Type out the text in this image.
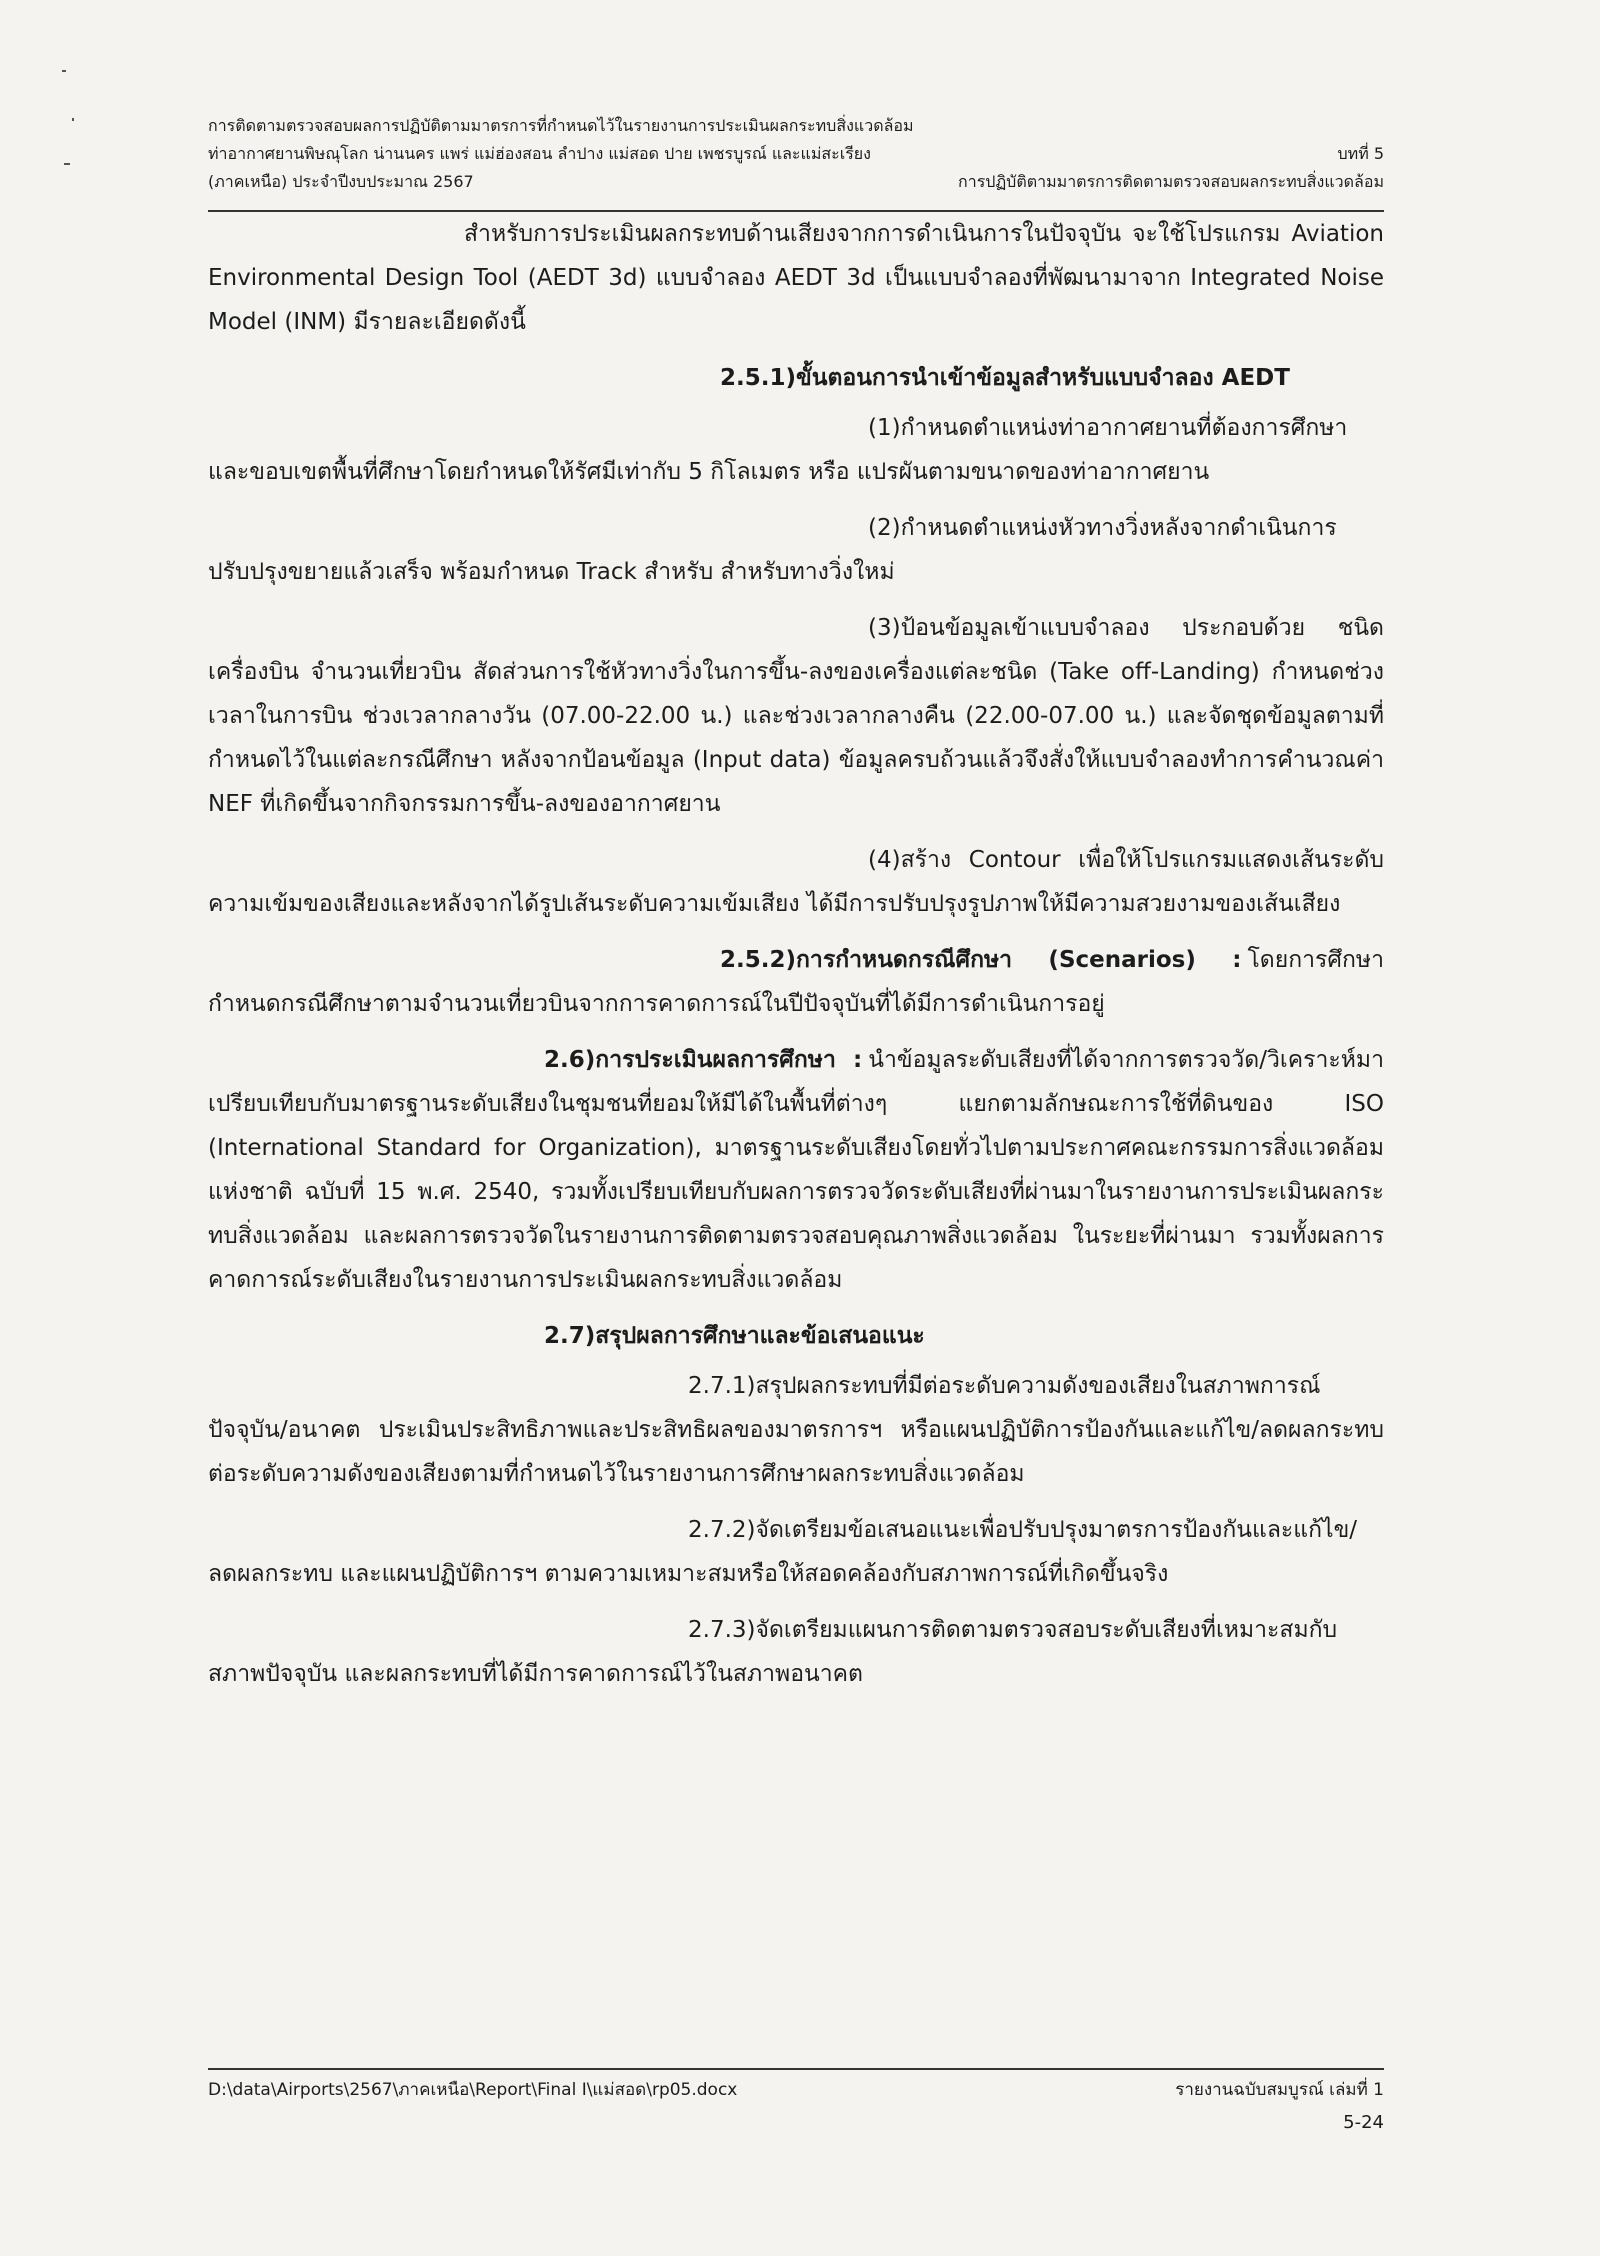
การติดตามตรวจสอบผลการปฏิบัติตามมาตรการที่กำหนดไว้ในรายงานการประเมินผลกระทบสิ่งแวดล้อม
ท่าอากาศยานพิษณุโลก น่านนคร แพร่ แม่ฮ่องสอน ลำปาง แม่สอด ปาย เพชรบูรณ์ และแม่สะเรียง	บทที่ 5
(ภาคเหนือ) ประจำปีงบประมาณ 2567	การปฏิบัติตามมาตรการติดตามตรวจสอบผลกระทบสิ่งแวดล้อม

สำหรับการประเมินผลกระทบด้านเสียงจากการดำเนินการในปัจจุบัน จะใช้โปรแกรม Aviation Environmental Design Tool (AEDT 3d) แบบจำลอง AEDT 3d เป็นแบบจำลองที่พัฒนามาจาก Integrated Noise Model (INM) มีรายละเอียดดังนี้

2.5.1)ขั้นตอนการนำเข้าข้อมูลสำหรับแบบจำลอง AEDT

(1)กำหนดตำแหน่งท่าอากาศยานที่ต้องการศึกษา และขอบเขตพื้นที่ศึกษาโดยกำหนดให้รัศมีเท่ากับ 5 กิโลเมตร หรือ แปรผันตามขนาดของท่าอากาศยาน

(2)กำหนดตำแหน่งหัวทางวิ่งหลังจากดำเนินการปรับปรุงขยายแล้วเสร็จ พร้อมกำหนด Track สำหรับ สำหรับทางวิ่งใหม่

(3)ป้อนข้อมูลเข้าแบบจำลอง ประกอบด้วย ชนิดเครื่องบิน จำนวนเที่ยวบิน สัดส่วนการใช้หัวทางวิ่งในการขึ้น-ลงของเครื่องแต่ละชนิด (Take off-Landing) กำหนดช่วงเวลาในการบิน ช่วงเวลากลางวัน (07.00-22.00 น.) และช่วงเวลากลางคืน (22.00-07.00 น.) และจัดชุดข้อมูลตามที่กำหนดไว้ในแต่ละกรณีศึกษา หลังจากป้อนข้อมูล (Input data) ข้อมูลครบถ้วนแล้วจึงสั่งให้แบบจำลองทำการคำนวณค่า NEF ที่เกิดขึ้นจากกิจกรรมการขึ้น-ลงของอากาศยาน

(4)สร้าง Contour เพื่อให้โปรแกรมแสดงเส้นระดับความเข้มของเสียงและหลังจากได้รูปเส้นระดับความเข้มเสียง ได้มีการปรับปรุงรูปภาพให้มีความสวยงามของเส้นเสียง

2.5.2)การกำหนดกรณีศึกษา (Scenarios) : โดยการศึกษากำหนดกรณีศึกษาตามจำนวนเที่ยวบินจากการคาดการณ์ในปีปัจจุบันที่ได้มีการดำเนินการอยู่

2.6)การประเมินผลการศึกษา : นำข้อมูลระดับเสียงที่ได้จากการตรวจวัด/วิเคราะห์มาเปรียบเทียบกับมาตรฐานระดับเสียงในชุมชนที่ยอมให้มีได้ในพื้นที่ต่างๆ แยกตามลักษณะการใช้ที่ดินของ ISO (International Standard for Organization), มาตรฐานระดับเสียงโดยทั่วไปตามประกาศคณะกรรมการสิ่งแวดล้อมแห่งชาติ ฉบับที่ 15 พ.ศ. 2540, รวมทั้งเปรียบเทียบกับผลการตรวจวัดระดับเสียงที่ผ่านมาในรายงานการประเมินผลกระทบสิ่งแวดล้อม และผลการตรวจวัดในรายงานการติดตามตรวจสอบคุณภาพสิ่งแวดล้อม ในระยะที่ผ่านมา รวมทั้งผลการคาดการณ์ระดับเสียงในรายงานการประเมินผลกระทบสิ่งแวดล้อม

2.7)สรุปผลการศึกษาและข้อเสนอแนะ

2.7.1)สรุปผลกระทบที่มีต่อระดับความดังของเสียงในสภาพการณ์ปัจจุบัน/อนาคต ประเมินประสิทธิภาพและประสิทธิผลของมาตรการฯ หรือแผนปฏิบัติการป้องกันและแก้ไข/ลดผลกระทบต่อระดับความดังของเสียงตามที่กำหนดไว้ในรายงานการศึกษาผลกระทบสิ่งแวดล้อม

2.7.2)จัดเตรียมข้อเสนอแนะเพื่อปรับปรุงมาตรการป้องกันและแก้ไข/ลดผลกระทบ และแผนปฏิบัติการฯ ตามความเหมาะสมหรือให้สอดคล้องกับสภาพการณ์ที่เกิดขึ้นจริง

2.7.3)จัดเตรียมแผนการติดตามตรวจสอบระดับเสียงที่เหมาะสมกับสภาพปัจจุบัน และผลกระทบที่ได้มีการคาดการณ์ไว้ในสภาพอนาคต

D:\data\Airports\2567\ภาคเหนือ\Report\Final I\แม่สอด\rp05.docx	รายงานฉบับสมบูรณ์ เล่มที่ 1
5-24
